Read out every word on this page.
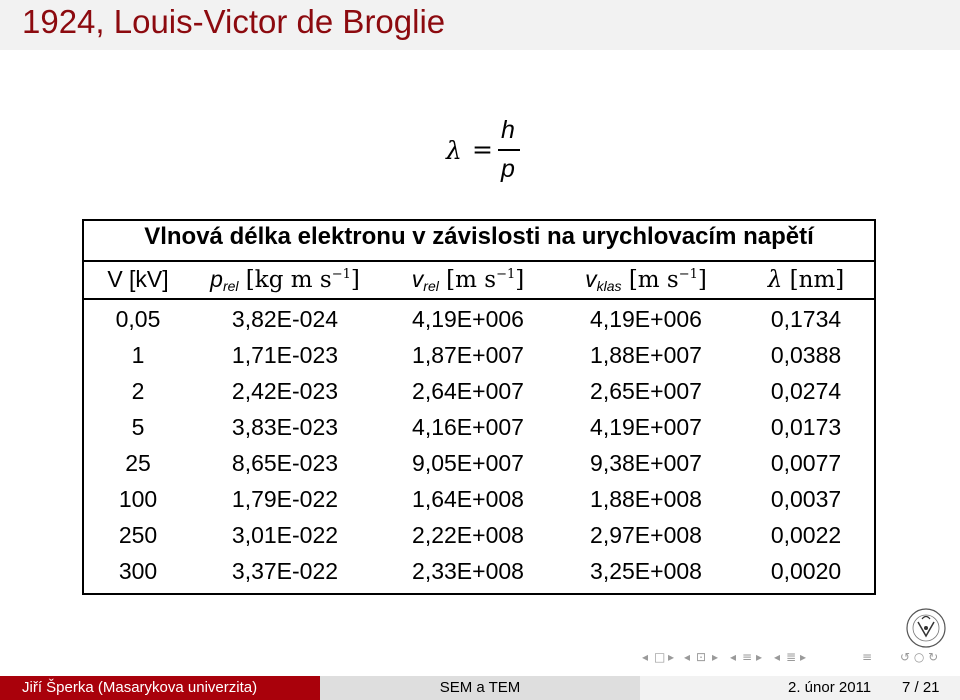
1924, Louis-Victor de Broglie
λ =
h
p
Vlnová délka elektronu v závislosti na urychlovacím napětí
V [kV]	$p_{rel}$ [kg m $s^{-1}$]	$v_{rel}$ [m $s^{-1}$]	$v_{klas}$ [m $s^{-1}$]	λ [nm]
0,05	3,82E-024	4,19E+006	4,19E+006	0,1734
1	1,71E-023	1,87E+007	1,88E+007	0,0388
2	2,42E-023	2,64E+007	2,65E+007	0,0274
5	3,83E-023	4,16E+007	4,19E+007	0,0173
25	8,65E-023	9,05E+007	9,38E+007	0,0077
100	1,79E-022	1,64E+008	1,88E+008	0,0037
250	3,01E-022	2,22E+008	2,97E+008	0,0022
300	3,37E-022	2,33E+008	3,25E+008	0,0020
◂ □ ▸ ◂ ⊡ ▸ ◂ ≡ ▸ ◂ ≣ ▸	≡ ↺ ○ ↻
Jiří Šperka (Masarykova univerzita)	SEM a TEM	2. únor 2011 7 / 21
